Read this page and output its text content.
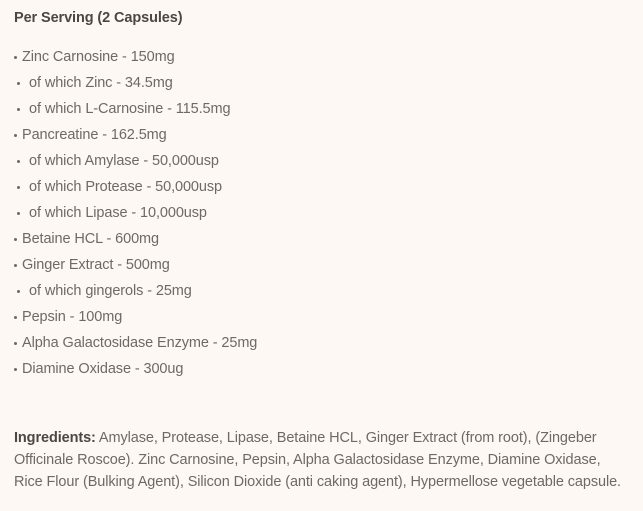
Per Serving (2 Capsules)
Zinc Carnosine - 150mg
of which Zinc - 34.5mg
of which L-Carnosine - 115.5mg
Pancreatine - 162.5mg
of which Amylase - 50,000usp
of which Protease - 50,000usp
of which Lipase - 10,000usp
Betaine HCL - 600mg
Ginger Extract - 500mg
of which gingerols - 25mg
Pepsin - 100mg
Alpha Galactosidase Enzyme - 25mg
Diamine Oxidase - 300ug

Ingredients: Amylase, Protease, Lipase, Betaine HCL, Ginger Extract (from root), (Zingeber Officinale Roscoe). Zinc Carnosine, Pepsin, Alpha Galactosidase Enzyme, Diamine Oxidase, Rice Flour (Bulking Agent), Silicon Dioxide (anti caking agent), Hypermellose vegetable capsule.
